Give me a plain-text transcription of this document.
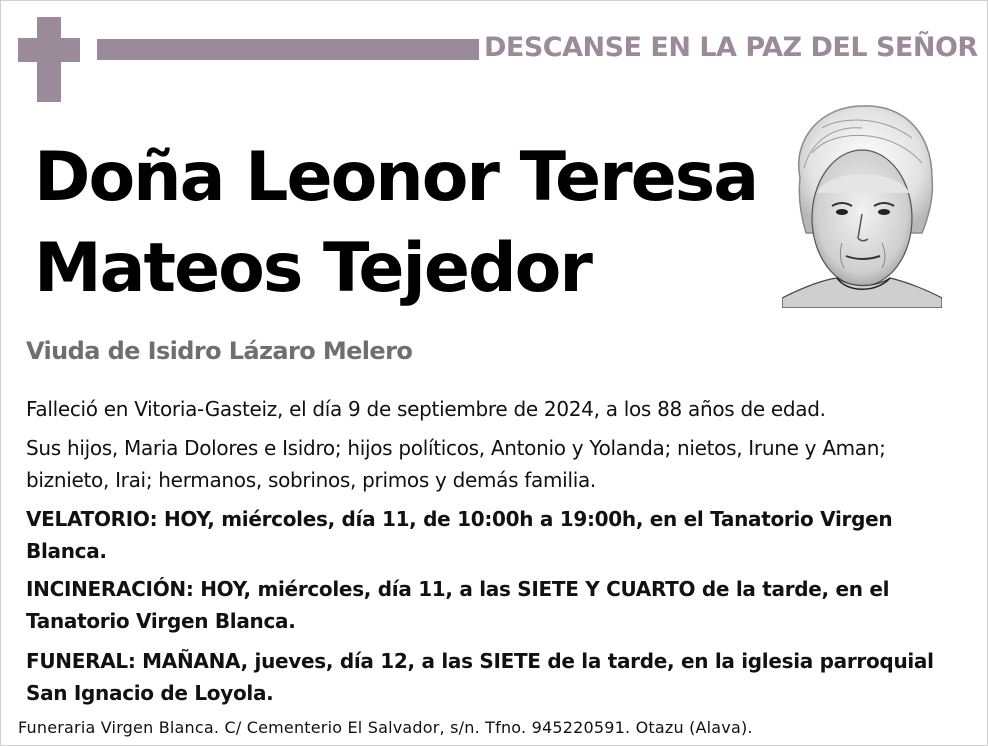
DESCANSE EN LA PAZ DEL SEÑOR
Doña Leonor Teresa
Mateos Tejedor
Viuda de Isidro Lázaro Melero
Falleció en Vitoria-Gasteiz, el día 9 de septiembre de 2024, a los 88 años de edad.
Sus hijos, Maria Dolores e Isidro; hijos políticos, Antonio y Yolanda; nietos, Irune y Aman; biznieto, Irai; hermanos, sobrinos, primos y demás familia.
VELATORIO: HOY, miércoles, día 11, de 10:00h a 19:00h, en el Tanatorio Virgen Blanca.
INCINERACIÓN: HOY, miércoles, día 11, a las SIETE Y CUARTO de la tarde, en el Tanatorio Virgen Blanca.
FUNERAL: MAÑANA, jueves, día 12, a las SIETE de la tarde, en la iglesia parroquial San Ignacio de Loyola.
Funeraria Virgen Blanca. C/ Cementerio El Salvador, s/n. Tfno. 945220591. Otazu (Alava).
